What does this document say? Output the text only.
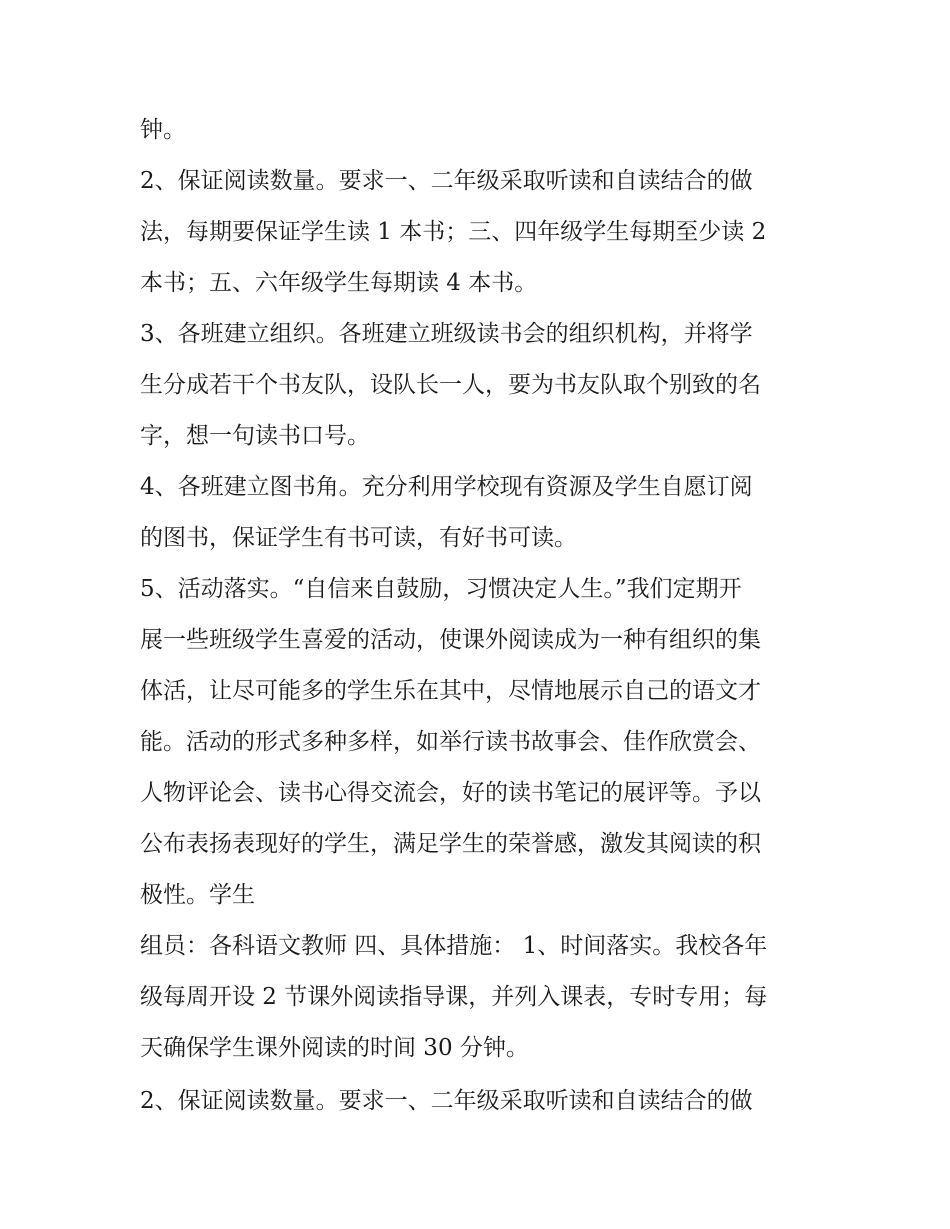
钟。
2、保证阅读数量。要求一、二年级采取听读和自读结合的做
法，每期要保证学生读 1 本书；三、四年级学生每期至少读 2
本书；五、六年级学生每期读 4 本书。
3、各班建立组织。各班建立班级读书会的组织机构，并将学
生分成若干个书友队，设队长一人，要为书友队取个别致的名
字，想一句读书口号。
4、各班建立图书角。充分利用学校现有资源及学生自愿订阅
的图书，保证学生有书可读，有好书可读。
5、活动落实。“自信来自鼓励，习惯决定人生。”我们定期开
展一些班级学生喜爱的活动，使课外阅读成为一种有组织的集
体活，让尽可能多的学生乐在其中，尽情地展示自己的语文才
能。活动的形式多种多样，如举行读书故事会、佳作欣赏会、
人物评论会、读书心得交流会，好的读书笔记的展评等。予以
公布表扬表现好的学生，满足学生的荣誉感，激发其阅读的积
极性。学生
组员：各科语文教师 四、具体措施： 1、时间落实。我校各年
级每周开设 2 节课外阅读指导课，并列入课表，专时专用；每
天确保学生课外阅读的时间 30 分钟。
2、保证阅读数量。要求一、二年级采取听读和自读结合的做
